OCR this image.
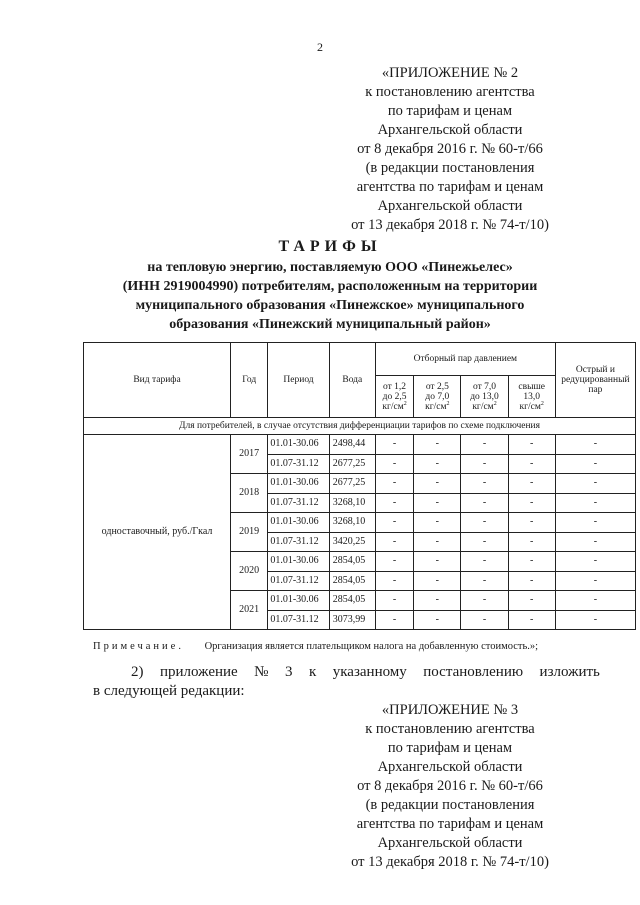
2
«ПРИЛОЖЕНИЕ № 2
к постановлению агентства
по тарифам и ценам
Архангельской области
от 8 декабря 2016 г. № 60-т/66
(в редакции постановления
агентства по тарифам и ценам
Архангельской области
от 13 декабря 2018 г. № 74-т/10)
ТАРИФЫ
на тепловую энергию, поставляемую ООО «Пинежьелес»
(ИНН 2919004990) потребителям, расположенным на территории
муниципального образования «Пинежское» муниципального
образования «Пинежский муниципальный район»
Вид тарифа	Год	Период	Вода	Отборный пар давлением				Острый и редуцированный пар
				от 1,2
до 2,5
$кг/см^2$	от 2,5
до 7,0
$кг/см^2$	от 7,0
до 13,0
$кг/см^2$	свыше
13,0
$кг/см^2$
Для потребителей, в случае отсутствия дифференциации тарифов по схеме подключения								
одноставочный, руб./Гкал	2017	01.01-30.06	2498,44	-	-	-	-	-
		01.07-31.12	2677,25	-	-	-	-	-
	2018	01.01-30.06	2677,25	-	-	-	-	-
		01.07-31.12	3268,10	-	-	-	-	-
	2019	01.01-30.06	3268,10	-	-	-	-	-
		01.07-31.12	3420,25	-	-	-	-	-
	2020	01.01-30.06	2854,05	-	-	-	-	-
		01.07-31.12	2854,05	-	-	-	-	-
	2021	01.01-30.06	2854,05	-	-	-	-	-
		01.07-31.12	3073,99	-	-	-	-	-
Примечание. Организация является плательщиком налога на добавленную стоимость.»;
2) приложение № 3 к указанному постановлению изложить
в следующей редакции:
«ПРИЛОЖЕНИЕ № 3
к постановлению агентства
по тарифам и ценам
Архангельской области
от 8 декабря 2016 г. № 60-т/66
(в редакции постановления
агентства по тарифам и ценам
Архангельской области
от 13 декабря 2018 г. № 74-т/10)
